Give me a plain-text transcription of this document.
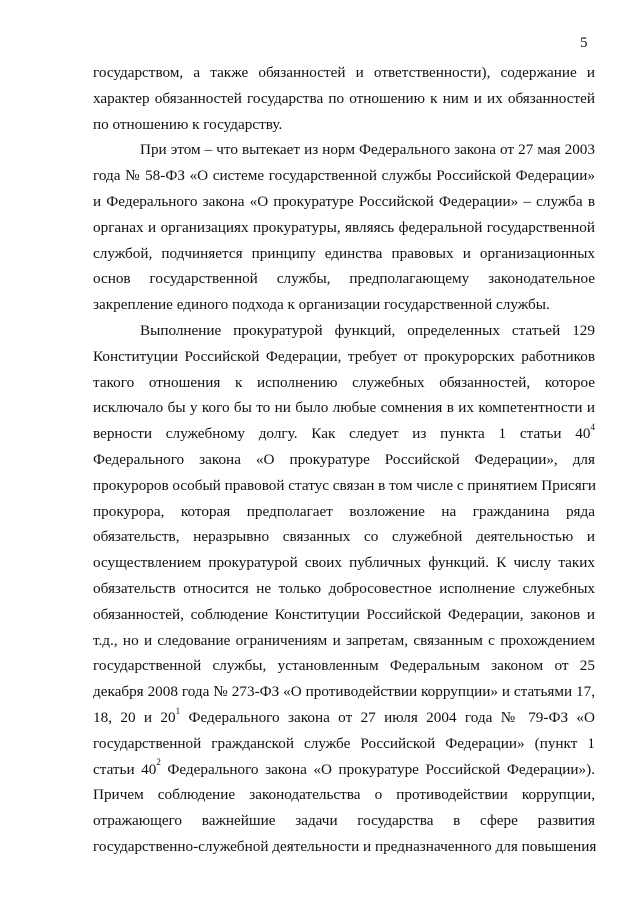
5
государством, а также обязанностей и ответственности), содержание и
характер обязанностей государства по отношению к ним и их обязанностей
по отношению к государству.
При этом – что вытекает из норм Федерального закона от 27 мая 2003
года № 58-ФЗ «О системе государственной службы Российской Федерации»
и Федерального закона «О прокуратуре Российской Федерации» – служба в
органах и организациях прокуратуры, являясь федеральной государственной
службой, подчиняется принципу единства правовых и организационных
основ государственной службы, предполагающему законодательное
закрепление единого подхода к организации государственной службы.
Выполнение прокуратурой функций, определенных статьей 129
Конституции Российской Федерации, требует от прокурорских работников
такого отношения к исполнению служебных обязанностей, которое
исключало бы у кого бы то ни было любые сомнения в их компетентности и
верности служебному долгу. Как следует из пункта 1 статьи $40^4$
Федерального закона «О прокуратуре Российской Федерации», для
прокуроров особый правовой статус связан в том числе с принятием Присяги
прокурора, которая предполагает возложение на гражданина ряда
обязательств, неразрывно связанных со служебной деятельностью и
осуществлением прокуратурой своих публичных функций. К числу таких
обязательств относится не только добросовестное исполнение служебных
обязанностей, соблюдение Конституции Российской Федерации, законов и
т.д., но и следование ограничениям и запретам, связанным с прохождением
государственной службы, установленным Федеральным законом от 25
декабря 2008 года № 273-ФЗ «О противодействии коррупции» и статьями 17,
18, 20 и $20^1$ Федерального закона от 27 июля 2004 года № 79-ФЗ «О
государственной гражданской службе Российской Федерации» (пункт 1
статьи $40^2$ Федерального закона «О прокуратуре Российской Федерации»).
Причем соблюдение законодательства о противодействии коррупции,
отражающего важнейшие задачи государства в сфере развития
государственно-служебной деятельности и предназначенного для повышения
